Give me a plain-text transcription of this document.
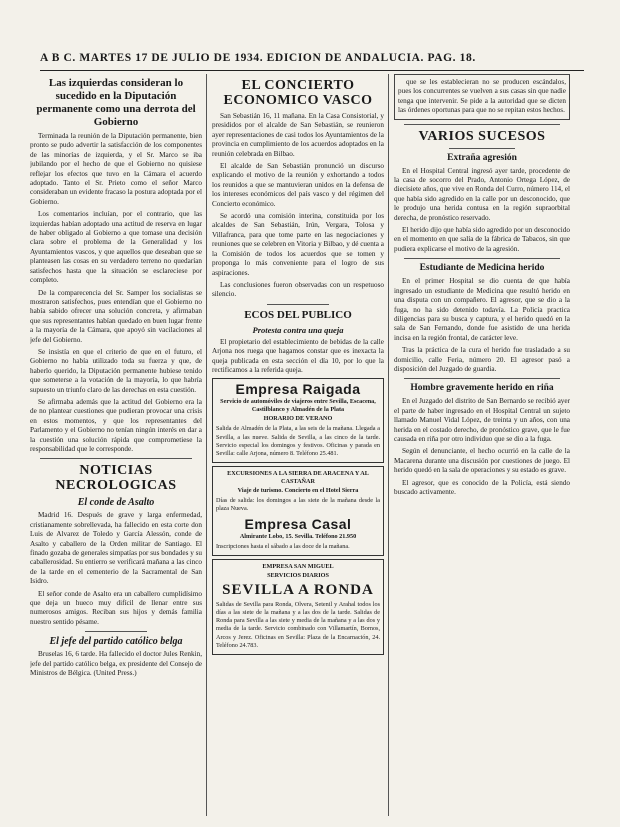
A B C. MARTES 17 DE JULIO DE 1934. EDICION DE ANDALUCIA. PAG. 18.
Las izquierdas consideran lo sucedido en la Diputación permanente como una derrota del Gobierno

Terminada la reunión de la Diputación permanente, bien pronto se pudo advertir la satisfacción de los componentes de las minorías de izquierda, y el Sr. Marco se iba jubilando por el hecho de que el Gobierno no quisiese reflejar los efectos que tuvo en la Cámara el acuerdo adoptado. Tanto el Sr. Prieto como el señor Marco consideraban un evidente fracaso la postura adoptada por el Gobierno.

Los comentarios incluían, por el contrario, que las izquierdas habían adoptado una actitud de reserva en lugar de haber obligado al Gobierno a que tomase una decisión clara sobre el problema de la Generalidad y los Ayuntamientos vascos, y que aquellos que deseaban que se planteasen las cosas en su verdadero terreno no quedarían satisfechos hasta que la situación se esclareciese por completo.

De la comparecencia del Sr. Samper los socialistas se mostraron satisfechos, pues entendían que el Gobierno no había sabido ofrecer una solución concreta, y afirmaban que sus representantes habían quedado en buen lugar frente a la mayoría de la Cámara, que apoyó sin vacilaciones al jefe del Gobierno.

Se insistía en que el criterio de que en el futuro, el Gobierno no había utilizado toda su fuerza y que, de haberlo querido, la Diputación permanente hubiese tenido que someterse a la votación de la mayoría, lo que habría supuesto un triunfo claro de las derechas en esta cuestión.

Se afirmaba además que la actitud del Gobierno era la de no plantear cuestiones que pudieran provocar una crisis en estos momentos, y que los representantes del Parlamento y el Gobierno no tenían ningún interés en dar a la cuestión una solución rápida que comprometiese la responsabilidad que le corresponde.

NOTICIAS NECROLOGICAS
El conde de Asalto

Madrid 16. Después de grave y larga enfermedad, cristianamente sobrellevada, ha fallecido en esta corte don Luis de Alvarez de Toledo y García Alessón, conde de Asalto y caballero de la Orden militar de Santiago. El finado gozaba de generales simpatías por sus bondades y su caballerosidad. Su entierro se verificará mañana a las cinco de la tarde en el cementerio de la Sacramental de San Isidro.

El señor conde de Asalto era un caballero cumplidísimo que deja un hueco muy difícil de llenar entre sus numerosos amigos. Reciban sus hijos y demás familia nuestro sentido pésame.

El jefe del partido católico belga

Bruselas 16, 6 tarde. Ha fallecido el doctor Jules Renkin, jefe del partido católico belga, ex presidente del Consejo de Ministros de Bélgica. (United Press.)

EL CONCIERTO ECONOMICO VASCO

San Sebastián 16, 11 mañana. En la Casa Consistorial, y presididos por el alcalde de San Sebastián, se reunieron ayer representaciones de casi todos los Ayuntamientos de la provincia en cumplimiento de los acuerdos adoptados en la reunión celebrada en Bilbao.

El alcalde de San Sebastián pronunció un discurso explicando el motivo de la reunión y exhortando a todos los reunidos a que se mantuvieran unidos en la defensa de los intereses económicos del país vasco y del régimen del Concierto económico.

Se acordó una comisión interina, constituida por los alcaldes de San Sebastián, Irún, Vergara, Tolosa y Villafranca, para que tome parte en las negociaciones y reuniones que se celebren en Vitoria y Bilbao, y dé cuenta a la Comisión de todos los acuerdos que se tomen y proponga lo más conveniente para el logro de sus aspiraciones.

Las conclusiones fueron observadas con un respetuoso silencio.

ECOS DEL PUBLICO
Protesta contra una queja

El propietario del establecimiento de bebidas de la calle Arjona nos ruega que hagamos constar que es inexacta la queja publicada en esta sección el día 10, por lo que la rectificamos a la referida queja.

Empresa Raigada
Servicio de automóviles de viajeros entre Sevilla, Escacena, Castilblanco y Almadén de la Plata
HORARIO DE VERANO
Salida de Almadén de la Plata, a las seis de la mañana. Llegada a Sevilla, a las nueve. Salida de Sevilla, a las cinco de la tarde. Servicio especial los domingos y festivos. Oficinas y parada en Sevilla: calle Arjona, número 8. Teléfono 25.481.
EXCURSIONES A LA SIERRA DE ARACENA Y AL CASTAÑAR
Viaje de turismo. Concierto en el Hotel Sierra
Días de salida: los domingos a las siete de la mañana desde la plaza Nueva.
Empresa Casal
Almirante Lobo, 15. Sevilla. Teléfono 21.950
Inscripciones hasta el sábado a las doce de la mañana.
EMPRESA SAN MIGUEL
SERVICIOS DIARIOS
SEVILLA A RONDA
Salidas de Sevilla para Ronda, Olvera, Setenil y Arahal todos los días a las siete de la mañana y a las dos de la tarde. Salidas de Ronda para Sevilla a las siete y media de la mañana y a las dos y media de la tarde. Servicio combinado con Villamartín, Bornos, Arcos y Jerez. Oficinas en Sevilla: Plaza de la Encarnación, 24. Teléfono 24.783.

que se les establecieran no se producen escándalos, pues los concurrentes se vuelven a sus casas sin que nadie tenga que intervenir. Se pide a la autoridad que se dicten las órdenes oportunas para que no se repitan estos hechos.

VARIOS SUCESOS
Extraña agresión

En el Hospital Central ingresó ayer tarde, procedente de la casa de socorro del Prado, Antonio Ortega López, de diecisiete años, que vive en Ronda del Curro, número 114, el que había sido agredido en la calle por un desconocido, que le produjo una herida contusa en la región supraorbital derecha, de pronóstico reservado.

El herido dijo que había sido agredido por un desconocido en el momento en que salía de la fábrica de Tabacos, sin que pudiera explicarse el motivo de la agresión.

Estudiante de Medicina herido

En el primer Hospital se dio cuenta de que había ingresado un estudiante de Medicina que resultó herido en una disputa con un compañero. El agresor, que se dio a la fuga, no ha sido detenido todavía. La Policía practica diligencias para su busca y captura, y el herido quedó en la sala de San Fernando, donde fue asistido de una herida incisa en la región frontal, de carácter leve.

Tras la práctica de la cura el herido fue trasladado a su domicilio, calle Feria, número 20. El agresor pasó a disposición del Juzgado de guardia.

Hombre gravemente herido en riña

En el Juzgado del distrito de San Bernardo se recibió ayer el parte de haber ingresado en el Hospital Central un sujeto llamado Manuel Vidal López, de treinta y un años, con una herida en el costado derecho, de pronóstico grave, que le fue causada en riña por otro individuo que se dio a la fuga.

Según el denunciante, el hecho ocurrió en la calle de la Macarena durante una discusión por cuestiones de juego. El herido quedó en la sala de operaciones y su estado es grave.

El agresor, que es conocido de la Policía, está siendo buscado activamente.
